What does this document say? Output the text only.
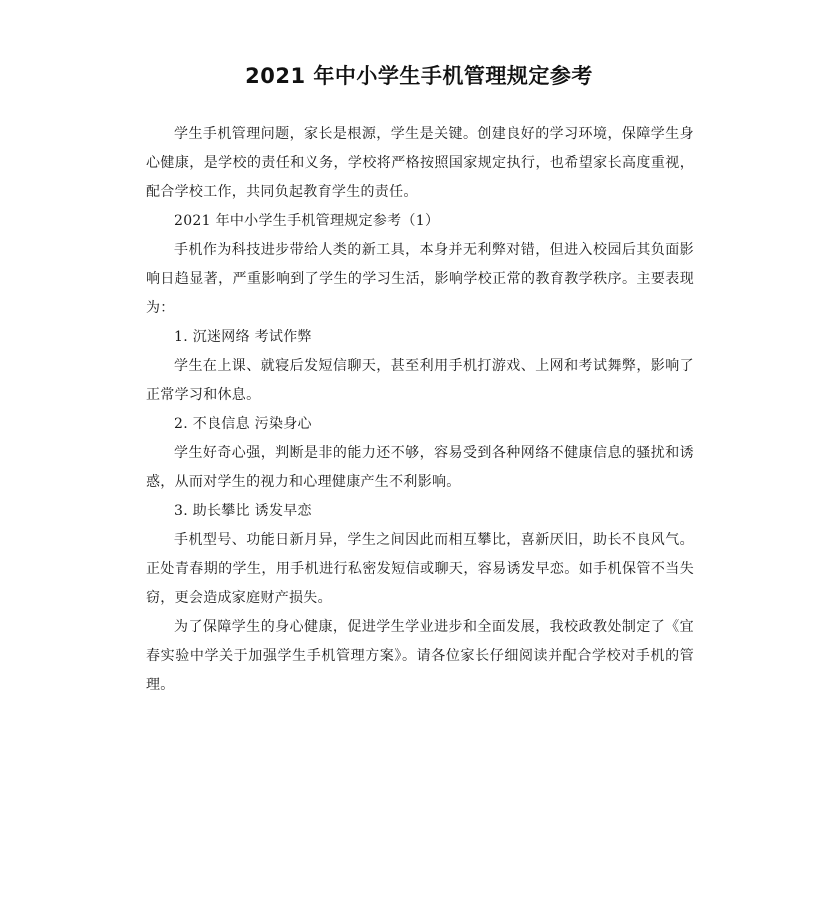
2021 年中小学生手机管理规定参考

学生手机管理问题，家长是根源，学生是关键。创建良好的学习环境，保障学生身心健康，是学校的责任和义务，学校将严格按照国家规定执行，也希望家长高度重视，配合学校工作，共同负起教育学生的责任。

2021 年中小学生手机管理规定参考（1）

手机作为科技进步带给人类的新工具，本身并无利弊对错，但进入校园后其负面影响日趋显著，严重影响到了学生的学习生活，影响学校正常的教育教学秩序。主要表现为：

1. 沉迷网络 考试作弊

学生在上课、就寝后发短信聊天，甚至利用手机打游戏、上网和考试舞弊，影响了正常学习和休息。

2. 不良信息 污染身心

学生好奇心强，判断是非的能力还不够，容易受到各种网络不健康信息的骚扰和诱惑，从而对学生的视力和心理健康产生不利影响。

3. 助长攀比 诱发早恋

手机型号、功能日新月异，学生之间因此而相互攀比，喜新厌旧，助长不良风气。正处青春期的学生，用手机进行私密发短信或聊天，容易诱发早恋。如手机保管不当失窃，更会造成家庭财产损失。

为了保障学生的身心健康，促进学生学业进步和全面发展，我校政教处制定了《宜春实验中学关于加强学生手机管理方案》。请各位家长仔细阅读并配合学校对手机的管理。
